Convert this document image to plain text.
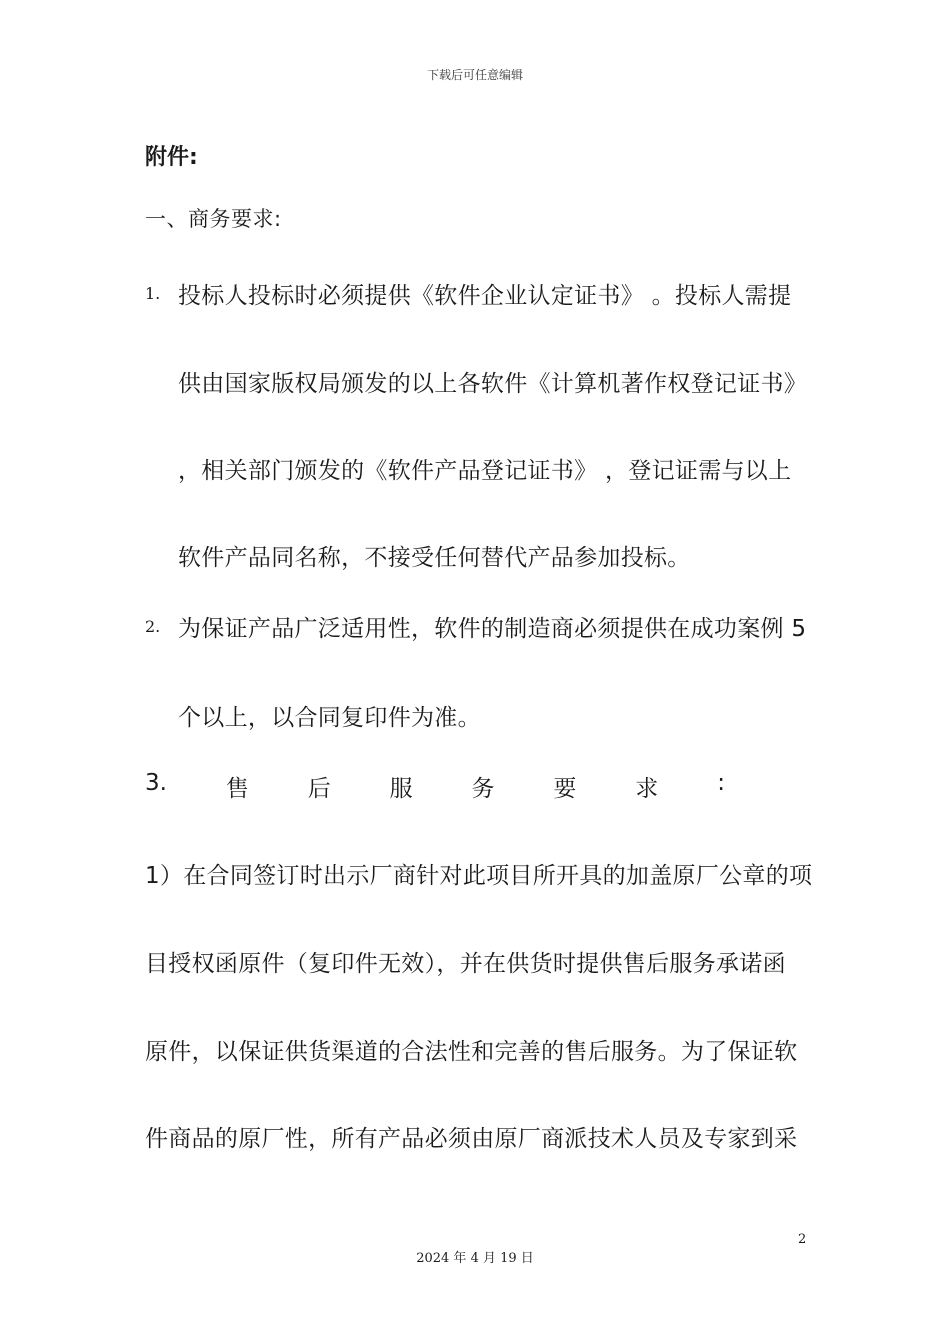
下载后可任意编辑
附件:
一、商务要求:
1. 投标人投标时必须提供《软件企业认定证书》 。投标人需提
供由国家版权局颁发的以上各软件《计算机著作权登记证书》
，相关部门颁发的《软件产品登记证书》 ，登记证需与以上
软件产品同名称，不接受任何替代产品参加投标。
2. 为保证产品广泛适用性，软件的制造商必须提供在成功案例 5
个以上，以合同复印件为准。
3.	售	后	服	务	要	求	:
1）在合同签订时出示厂商针对此项目所开具的加盖原厂公章的项
目授权函原件（复印件无效），并在供货时提供售后服务承诺函
原件，以保证供货渠道的合法性和完善的售后服务。为了保证软
件商品的原厂性，所有产品必须由原厂商派技术人员及专家到采
2
2024 年 4 月 19 日
